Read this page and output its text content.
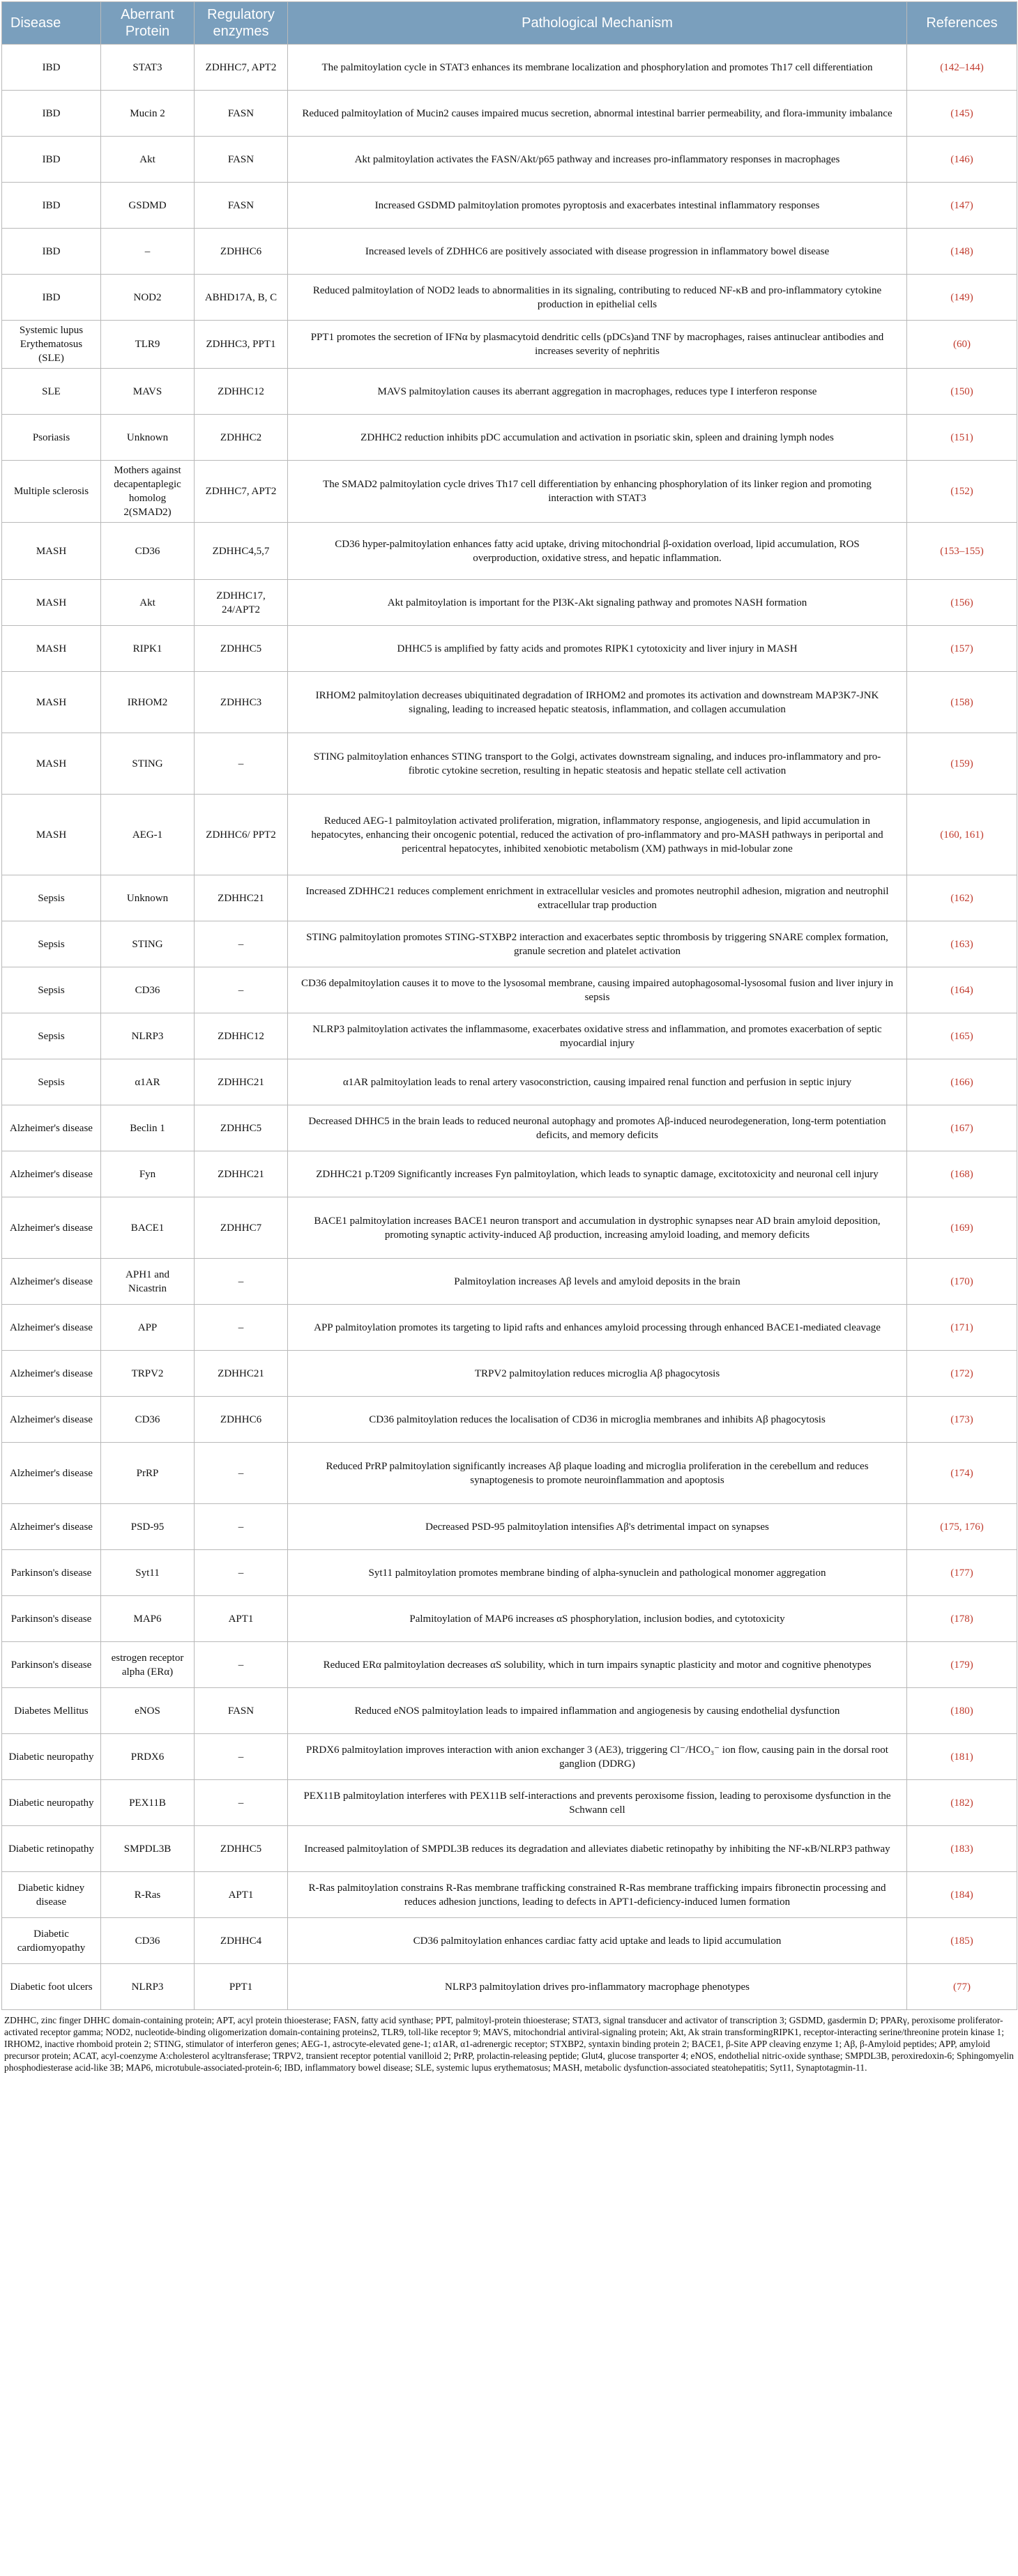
Disease	Aberrant Protein	Regulatory enzymes	Pathological Mechanism	References
IBD	STAT3	ZDHHC7, APT2	The palmitoylation cycle in STAT3 enhances its membrane localization and phosphorylation and promotes Th17 cell differentiation	(142–144)
IBD	Mucin 2	FASN	Reduced palmitoylation of Mucin2 causes impaired mucus secretion, abnormal intestinal barrier permeability, and flora-immunity imbalance	(145)
IBD	Akt	FASN	Akt palmitoylation activates the FASN/Akt/p65 pathway and increases pro-inflammatory responses in macrophages	(146)
IBD	GSDMD	FASN	Increased GSDMD palmitoylation promotes pyroptosis and exacerbates intestinal inflammatory responses	(147)
IBD	–	ZDHHC6	Increased levels of ZDHHC6 are positively associated with disease progression in inflammatory bowel disease	(148)
IBD	NOD2	ABHD17A, B, C	Reduced palmitoylation of NOD2 leads to abnormalities in its signaling, contributing to reduced NF-κB and pro-inflammatory cytokine production in epithelial cells	(149)
Systemic lupus Erythematosus (SLE)	TLR9	ZDHHC3, PPT1	PPT1 promotes the secretion of IFNα by plasmacytoid dendritic cells (pDCs)and TNF by macrophages, raises antinuclear antibodies and increases severity of nephritis	(60)
SLE	MAVS	ZDHHC12	MAVS palmitoylation causes its aberrant aggregation in macrophages, reduces type I interferon response	(150)
Psoriasis	Unknown	ZDHHC2	ZDHHC2 reduction inhibits pDC accumulation and activation in psoriatic skin, spleen and draining lymph nodes	(151)
Multiple sclerosis	Mothers against decapentaplegic homolog 2(SMAD2)	ZDHHC7, APT2	The SMAD2 palmitoylation cycle drives Th17 cell differentiation by enhancing phosphorylation of its linker region and promoting interaction with STAT3	(152)
MASH	CD36	ZDHHC4,5,7	CD36 hyper-palmitoylation enhances fatty acid uptake, driving mitochondrial β-oxidation overload, lipid accumulation, ROS overproduction, oxidative stress, and hepatic inflammation.	(153–155)
MASH	Akt	ZDHHC17, 24/APT2	Akt palmitoylation is important for the PI3K-Akt signaling pathway and promotes NASH formation	(156)
MASH	RIPK1	ZDHHC5	DHHC5 is amplified by fatty acids and promotes RIPK1 cytotoxicity and liver injury in MASH	(157)
MASH	IRHOM2	ZDHHC3	IRHOM2 palmitoylation decreases ubiquitinated degradation of IRHOM2 and promotes its activation and downstream MAP3K7-JNK signaling, leading to increased hepatic steatosis, inflammation, and collagen accumulation	(158)
MASH	STING	–	STING palmitoylation enhances STING transport to the Golgi, activates downstream signaling, and induces pro-inflammatory and pro-fibrotic cytokine secretion, resulting in hepatic steatosis and hepatic stellate cell activation	(159)
MASH	AEG-1	ZDHHC6/ PPT2	Reduced AEG-1 palmitoylation activated proliferation, migration, inflammatory response, angiogenesis, and lipid accumulation in hepatocytes, enhancing their oncogenic potential, reduced the activation of pro-inflammatory and pro-MASH pathways in periportal and pericentral hepatocytes, inhibited xenobiotic metabolism (XM) pathways in mid-lobular zone	(160, 161)
Sepsis	Unknown	ZDHHC21	Increased ZDHHC21 reduces complement enrichment in extracellular vesicles and promotes neutrophil adhesion, migration and neutrophil extracellular trap production	(162)
Sepsis	STING	–	STING palmitoylation promotes STING-STXBP2 interaction and exacerbates septic thrombosis by triggering SNARE complex formation, granule secretion and platelet activation	(163)
Sepsis	CD36	–	CD36 depalmitoylation causes it to move to the lysosomal membrane, causing impaired autophagosomal-lysosomal fusion and liver injury in sepsis	(164)
Sepsis	NLRP3	ZDHHC12	NLRP3 palmitoylation activates the inflammasome, exacerbates oxidative stress and inflammation, and promotes exacerbation of septic myocardial injury	(165)
Sepsis	α1AR	ZDHHC21	α1AR palmitoylation leads to renal artery vasoconstriction, causing impaired renal function and perfusion in septic injury	(166)
Alzheimer's disease	Beclin 1	ZDHHC5	Decreased DHHC5 in the brain leads to reduced neuronal autophagy and promotes Aβ-induced neurodegeneration, long-term potentiation deficits, and memory deficits	(167)
Alzheimer's disease	Fyn	ZDHHC21	ZDHHC21 p.T209 Significantly increases Fyn palmitoylation, which leads to synaptic damage, excitotoxicity and neuronal cell injury	(168)
Alzheimer's disease	BACE1	ZDHHC7	BACE1 palmitoylation increases BACE1 neuron transport and accumulation in dystrophic synapses near AD brain amyloid deposition, promoting synaptic activity-induced Aβ production, increasing amyloid loading, and memory deficits	(169)
Alzheimer's disease	APH1 and Nicastrin	–	Palmitoylation increases Aβ levels and amyloid deposits in the brain	(170)
Alzheimer's disease	APP	–	APP palmitoylation promotes its targeting to lipid rafts and enhances amyloid processing through enhanced BACE1-mediated cleavage	(171)
Alzheimer's disease	TRPV2	ZDHHC21	TRPV2 palmitoylation reduces microglia Aβ phagocytosis	(172)
Alzheimer's disease	CD36	ZDHHC6	CD36 palmitoylation reduces the localisation of CD36 in microglia membranes and inhibits Aβ phagocytosis	(173)
Alzheimer's disease	PrRP	–	Reduced PrRP palmitoylation significantly increases Aβ plaque loading and microglia proliferation in the cerebellum and reduces synaptogenesis to promote neuroinflammation and apoptosis	(174)
Alzheimer's disease	PSD-95	–	Decreased PSD-95 palmitoylation intensifies Aβ's detrimental impact on synapses	(175, 176)
Parkinson's disease	Syt11	–	Syt11 palmitoylation promotes membrane binding of alpha-synuclein and pathological monomer aggregation	(177)
Parkinson's disease	MAP6	APT1	Palmitoylation of MAP6 increases αS phosphorylation, inclusion bodies, and cytotoxicity	(178)
Parkinson's disease	estrogen receptor alpha (ERα)	–	Reduced ERα palmitoylation decreases αS solubility, which in turn impairs synaptic plasticity and motor and cognitive phenotypes	(179)
Diabetes Mellitus	eNOS	FASN	Reduced eNOS palmitoylation leads to impaired inflammation and angiogenesis by causing endothelial dysfunction	(180)
Diabetic neuropathy	PRDX6	–	PRDX6 palmitoylation improves interaction with anion exchanger 3 (AE3), triggering Cl⁻/HCO₃⁻ ion flow, causing pain in the dorsal root ganglion (DDRG)	(181)
Diabetic neuropathy	PEX11B	–	PEX11B palmitoylation interferes with PEX11B self-interactions and prevents peroxisome fission, leading to peroxisome dysfunction in the Schwann cell	(182)
Diabetic retinopathy	SMPDL3B	ZDHHC5	Increased palmitoylation of SMPDL3B reduces its degradation and alleviates diabetic retinopathy by inhibiting the NF-κB/NLRP3 pathway	(183)
Diabetic kidney disease	R-Ras	APT1	R-Ras palmitoylation constrains R-Ras membrane trafficking constrained R-Ras membrane trafficking impairs fibronectin processing and reduces adhesion junctions, leading to defects in APT1-deficiency-induced lumen formation	(184)
Diabetic cardiomyopathy	CD36	ZDHHC4	CD36 palmitoylation enhances cardiac fatty acid uptake and leads to lipid accumulation	(185)
Diabetic foot ulcers	NLRP3	PPT1	NLRP3 palmitoylation drives pro-inflammatory macrophage phenotypes	(77)
ZDHHC, zinc finger DHHC domain-containing protein; APT, acyl protein thioesterase; FASN, fatty acid synthase; PPT, palmitoyl-protein thioesterase; STAT3, signal transducer and activator of transcription 3; GSDMD, gasdermin D; PPARγ, peroxisome proliferator-activated receptor gamma; NOD2, nucleotide-binding oligomerization domain-containing proteins2, TLR9, toll-like receptor 9; MAVS, mitochondrial antiviral-signaling protein; Akt, Ak strain transformingRIPK1, receptor-interacting serine/threonine protein kinase 1; IRHOM2, inactive rhomboid protein 2; STING, stimulator of interferon genes; AEG-1, astrocyte-elevated gene-1; α1AR, α1-adrenergic receptor; STXBP2, syntaxin binding protein 2; BACE1, β-Site APP cleaving enzyme 1; Aβ, β-Amyloid peptides; APP, amyloid precursor protein; ACAT, acyl-coenzyme A:cholesterol acyltransferase; TRPV2, transient receptor potential vanilloid 2; PrRP, prolactin-releasing peptide; Glut4, glucose transporter 4; eNOS, endothelial nitric-oxide synthase; SMPDL3B, peroxiredoxin-6; Sphingomyelin phosphodiesterase acid-like 3B; MAP6, microtubule-associated-protein-6; IBD, inflammatory bowel disease; SLE, systemic lupus erythematosus; MASH, metabolic dysfunction-associated steatohepatitis; Syt11, Synaptotagmin-11.
